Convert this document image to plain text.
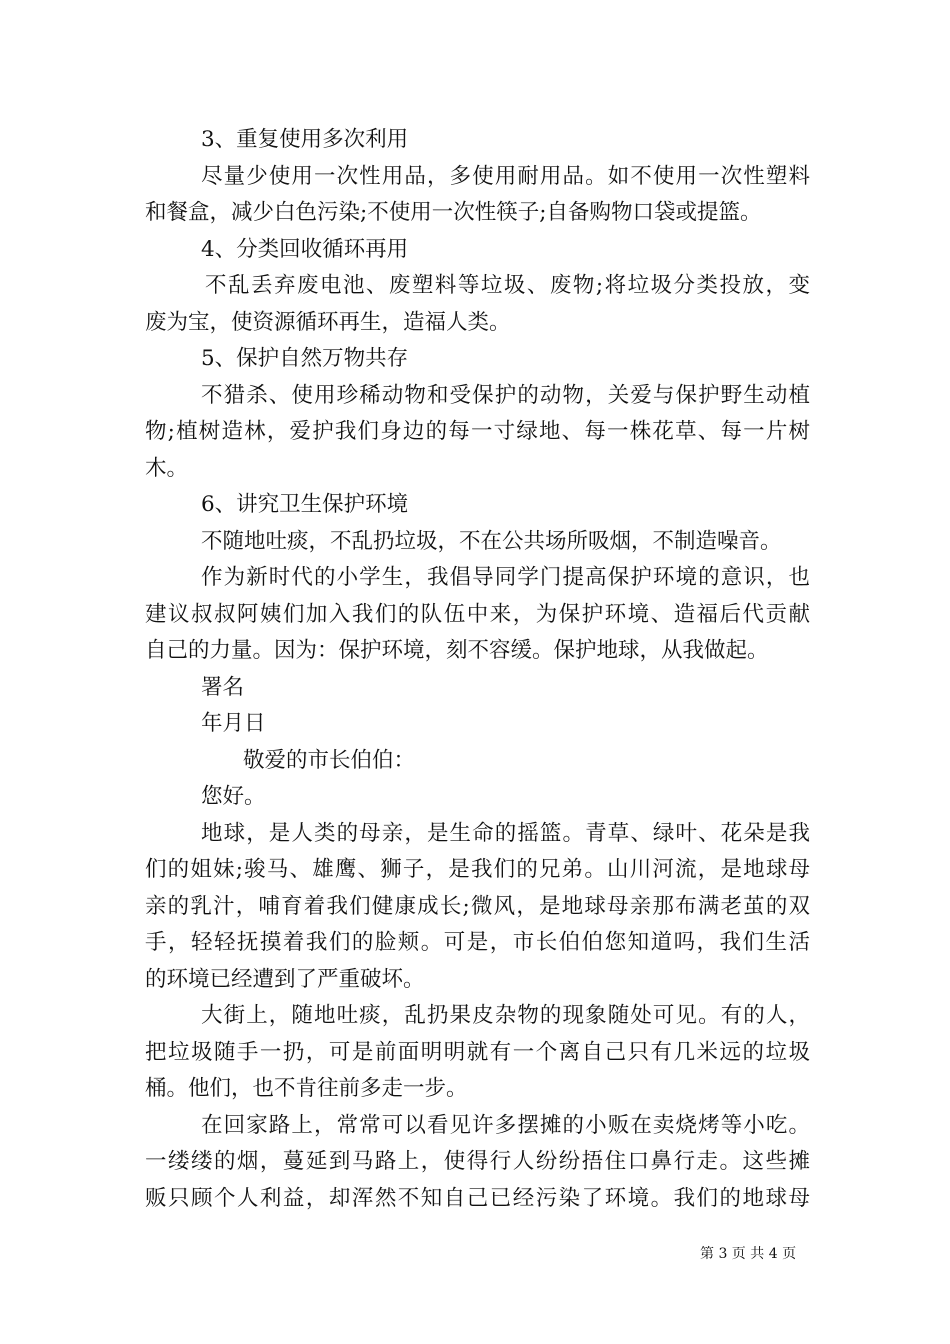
3、重复使用多次利用
尽量少使用一次性用品，多使用耐用品。如不使用一次性塑料
和餐盒，减少白色污染;不使用一次性筷子;自备购物口袋或提篮。
4、分类回收循环再用
不乱丢弃废电池、废塑料等垃圾、废物;将垃圾分类投放，变
废为宝，使资源循环再生，造福人类。
5、保护自然万物共存
不猎杀、使用珍稀动物和受保护的动物，关爱与保护野生动植
物;植树造林，爱护我们身边的每一寸绿地、每一株花草、每一片树
木。
6、讲究卫生保护环境
不随地吐痰，不乱扔垃圾，不在公共场所吸烟，不制造噪音。
作为新时代的小学生，我倡导同学门提高保护环境的意识，也
建议叔叔阿姨们加入我们的队伍中来，为保护环境、造福后代贡献
自己的力量。因为：保护环境，刻不容缓。保护地球，从我做起。
署名
年月日
敬爱的市长伯伯：
您好。
地球，是人类的母亲，是生命的摇篮。青草、绿叶、花朵是我
们的姐妹;骏马、雄鹰、狮子，是我们的兄弟。山川河流，是地球母
亲的乳汁，哺育着我们健康成长;微风，是地球母亲那布满老茧的双
手，轻轻抚摸着我们的脸颊。可是，市长伯伯您知道吗，我们生活
的环境已经遭到了严重破坏。
大街上，随地吐痰，乱扔果皮杂物的现象随处可见。有的人，
把垃圾随手一扔，可是前面明明就有一个离自己只有几米远的垃圾
桶。他们，也不肯往前多走一步。
在回家路上，常常可以看见许多摆摊的小贩在卖烧烤等小吃。
一缕缕的烟，蔓延到马路上，使得行人纷纷捂住口鼻行走。这些摊
贩只顾个人利益，却浑然不知自己已经污染了环境。我们的地球母
第 3 页 共 4 页
